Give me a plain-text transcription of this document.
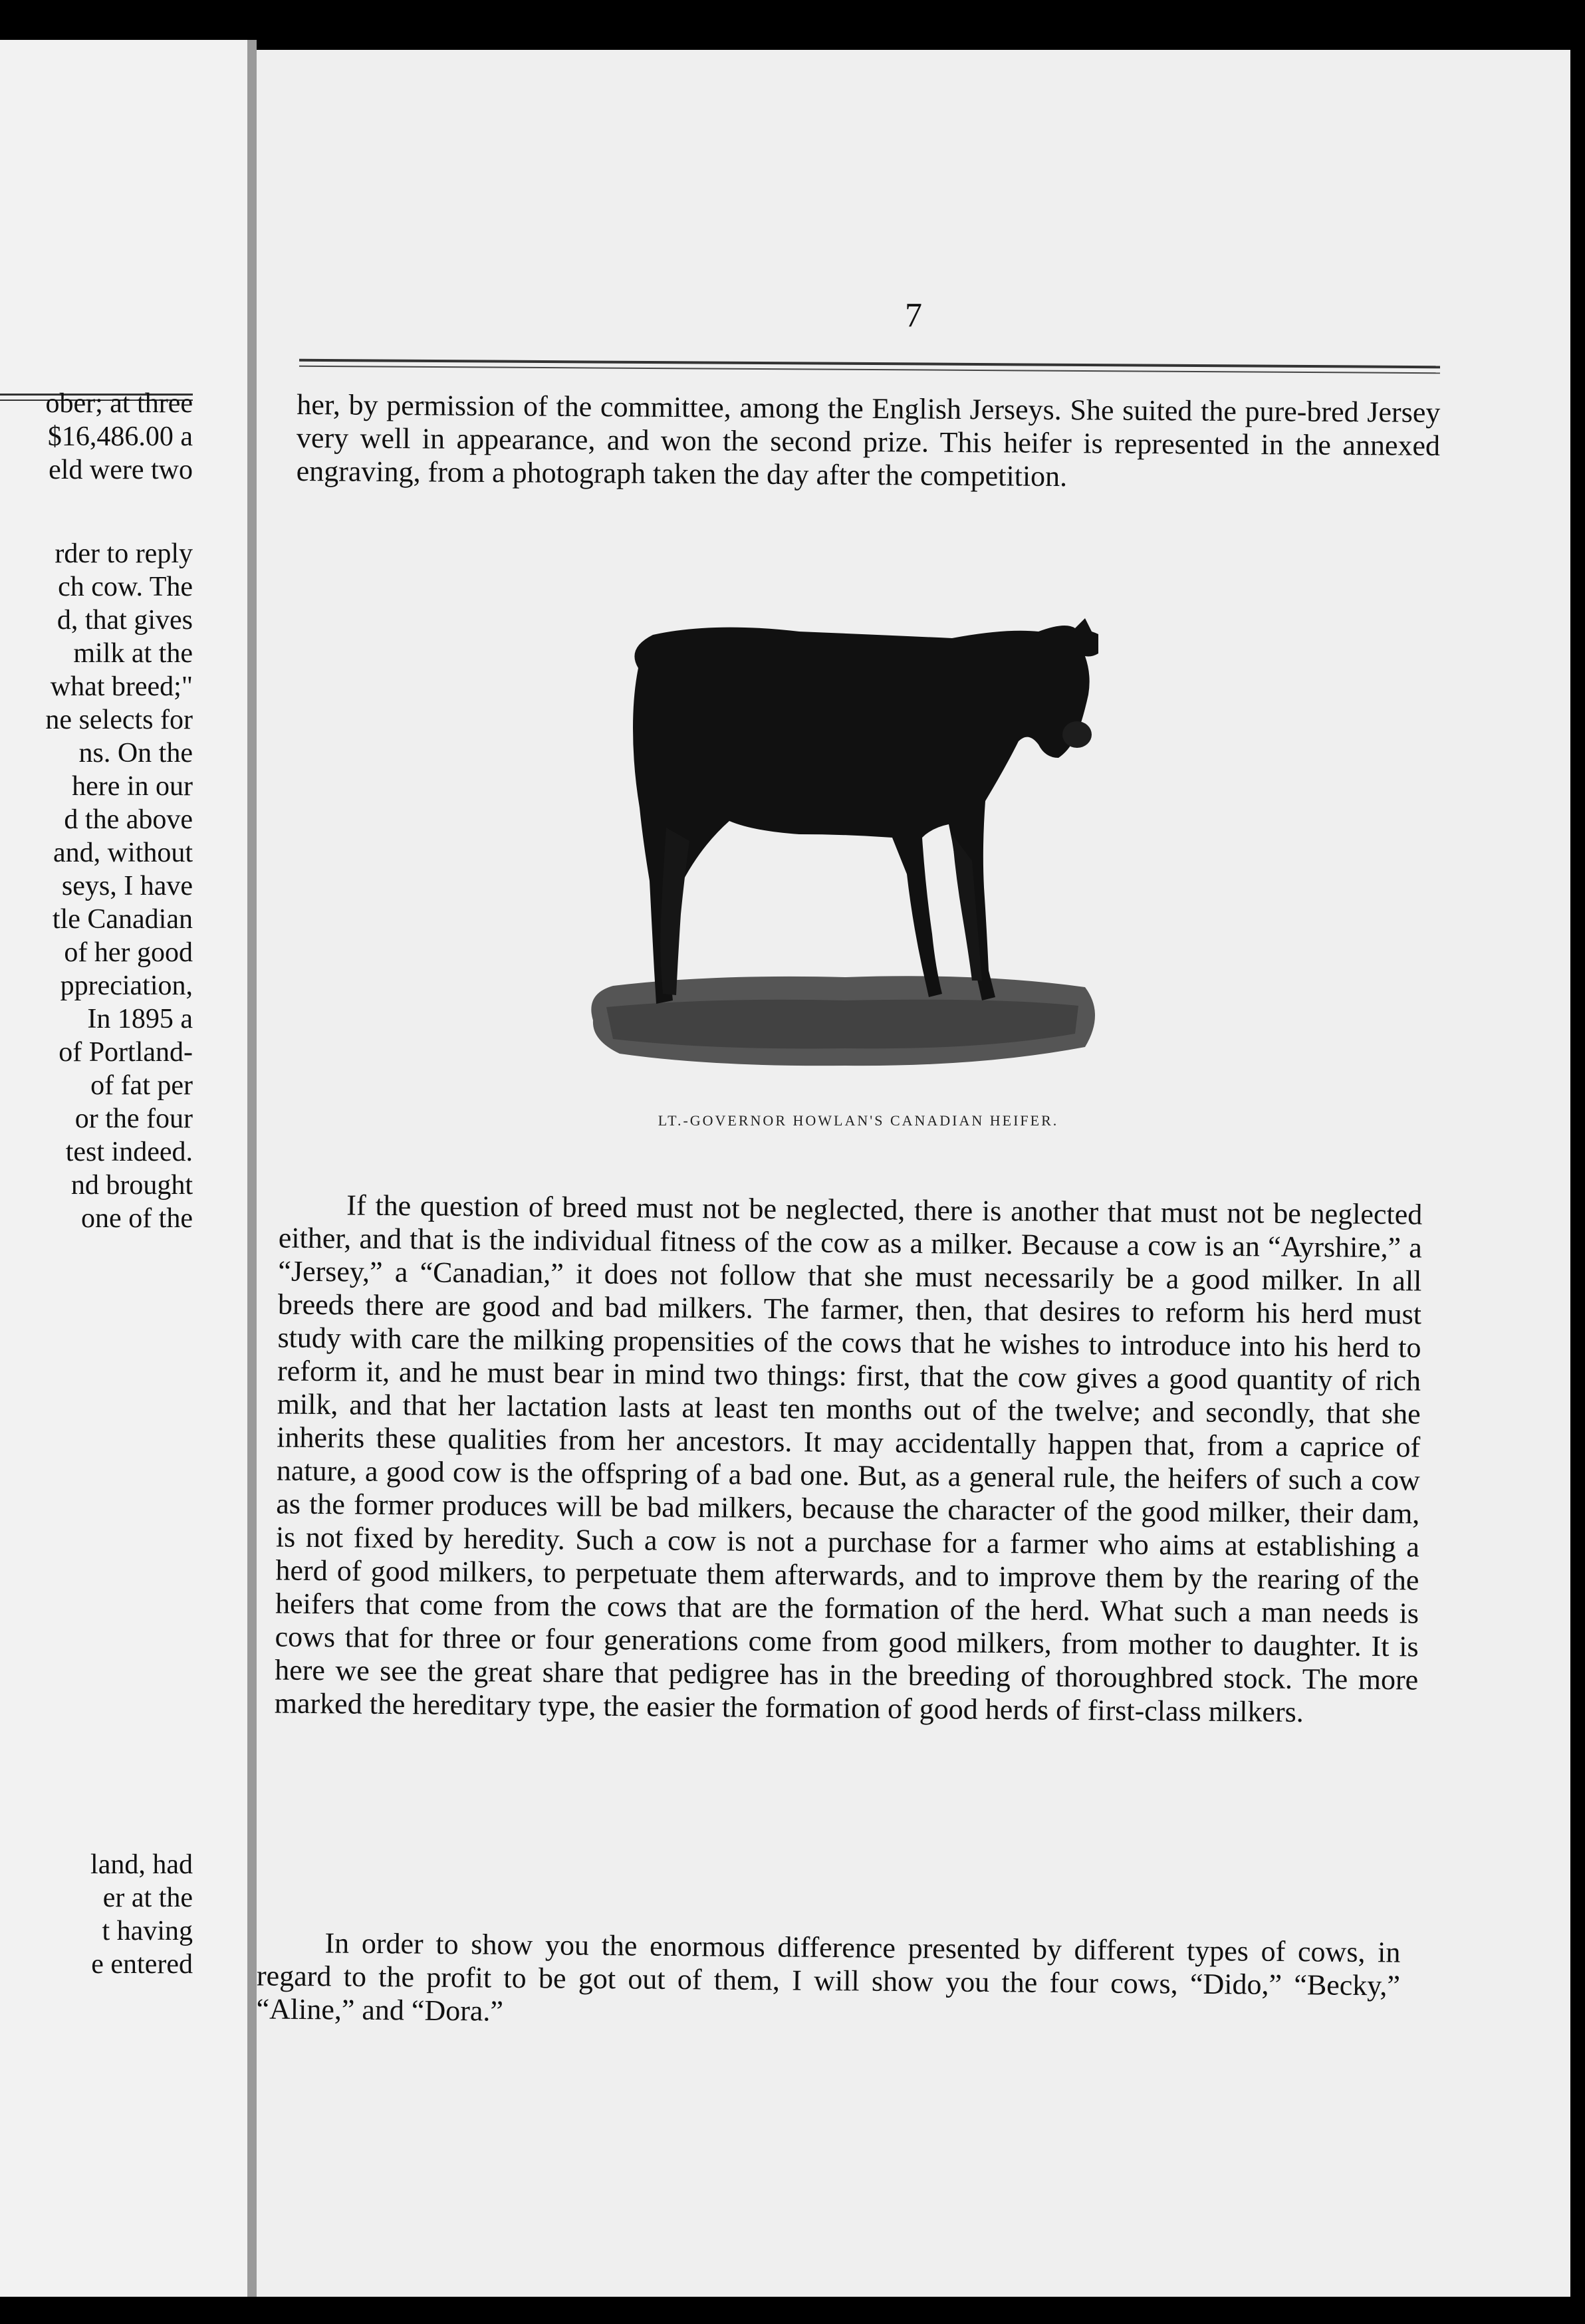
ober; at three
$16,486.00 a
eld were two
rder to reply
ch cow. The
d, that gives
milk at the
what breed;"
ne selects for
ns. On the
here in our
d the above
and, without
seys, I have
tle Canadian
of her good
ppreciation,
In 1895 a
of Portland-
of fat per
or the four
test indeed.
nd brought
one of the
land, had
er at the
t having
e entered
7
her, by permission of the committee, among the English Jerseys. She suited the pure-bred Jersey very well in appearance, and won the second prize. This heifer is represented in the annexed engraving, from a photograph taken the day after the competition.
LT.-GOVERNOR HOWLAN'S CANADIAN HEIFER.
If the question of breed must not be neglected, there is another that must not be neglected either, and that is the individual fitness of the cow as a milker. Because a cow is an “Ayrshire,” a “Jersey,” a “Canadian,” it does not follow that she must necessarily be a good milker. In all breeds there are good and bad milkers. The farmer, then, that desires to reform his herd must study with care the milking propensities of the cows that he wishes to introduce into his herd to reform it, and he must bear in mind two things: first, that the cow gives a good quantity of rich milk, and that her lactation lasts at least ten months out of the twelve; and secondly, that she inherits these qualities from her ancestors. It may accidentally happen that, from a caprice of nature, a good cow is the offspring of a bad one. But, as a general rule, the heifers of such a cow as the former produces will be bad milkers, because the character of the good milker, their dam, is not fixed by heredity. Such a cow is not a purchase for a farmer who aims at establishing a herd of good milkers, to perpetuate them afterwards, and to improve them by the rearing of the heifers that come from the cows that are the formation of the herd. What such a man needs is cows that for three or four generations come from good milkers, from mother to daughter. It is here we see the great share that pedigree has in the breeding of thoroughbred stock. The more marked the hereditary type, the easier the formation of good herds of first-class milkers.
In order to show you the enormous difference presented by different types of cows, in regard to the profit to be got out of them, I will show you the four cows, “Dido,” “Becky,” “Aline,” and “Dora.”
